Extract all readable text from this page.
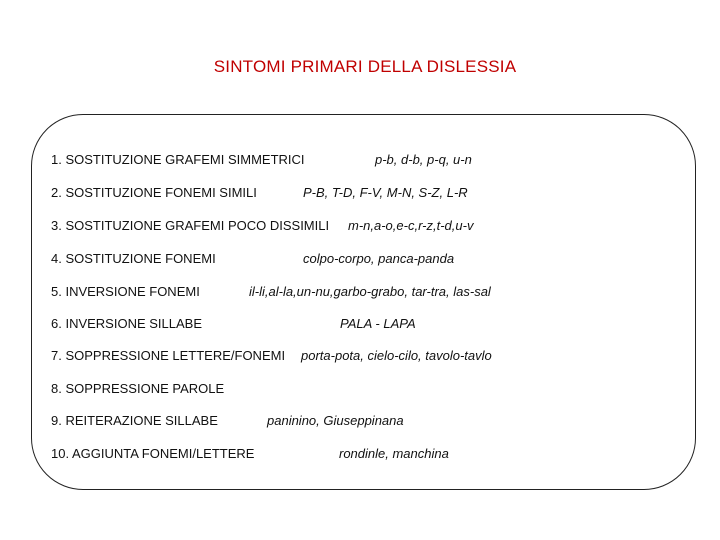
SINTOMI PRIMARI DELLA DISLESSIA
1. SOSTITUZIONE GRAFEMI SIMMETRICI	p-b, d-b, p-q, u-n
2. SOSTITUZIONE FONEMI SIMILI	P-B, T-D, F-V, M-N, S-Z, L-R
3. SOSTITUZIONE GRAFEMI POCO DISSIMILI m-n,a-o,e-c,r-z,t-d,u-v
4. SOSTITUZIONE FONEMI	colpo-corpo, panca-panda
5. INVERSIONE FONEMI	il-li,al-la,un-nu,garbo-grabo, tar-tra, las-sal
6. INVERSIONE SILLABE	PALA - LAPA
7. SOPPRESSIONE LETTERE/FONEMI porta-pota, cielo-cilo, tavolo-tavlo
8. SOPPRESSIONE PAROLE
9. REITERAZIONE SILLABE	paninino, Giuseppinana
10. AGGIUNTA FONEMI/LETTERE	rondinle, manchina
